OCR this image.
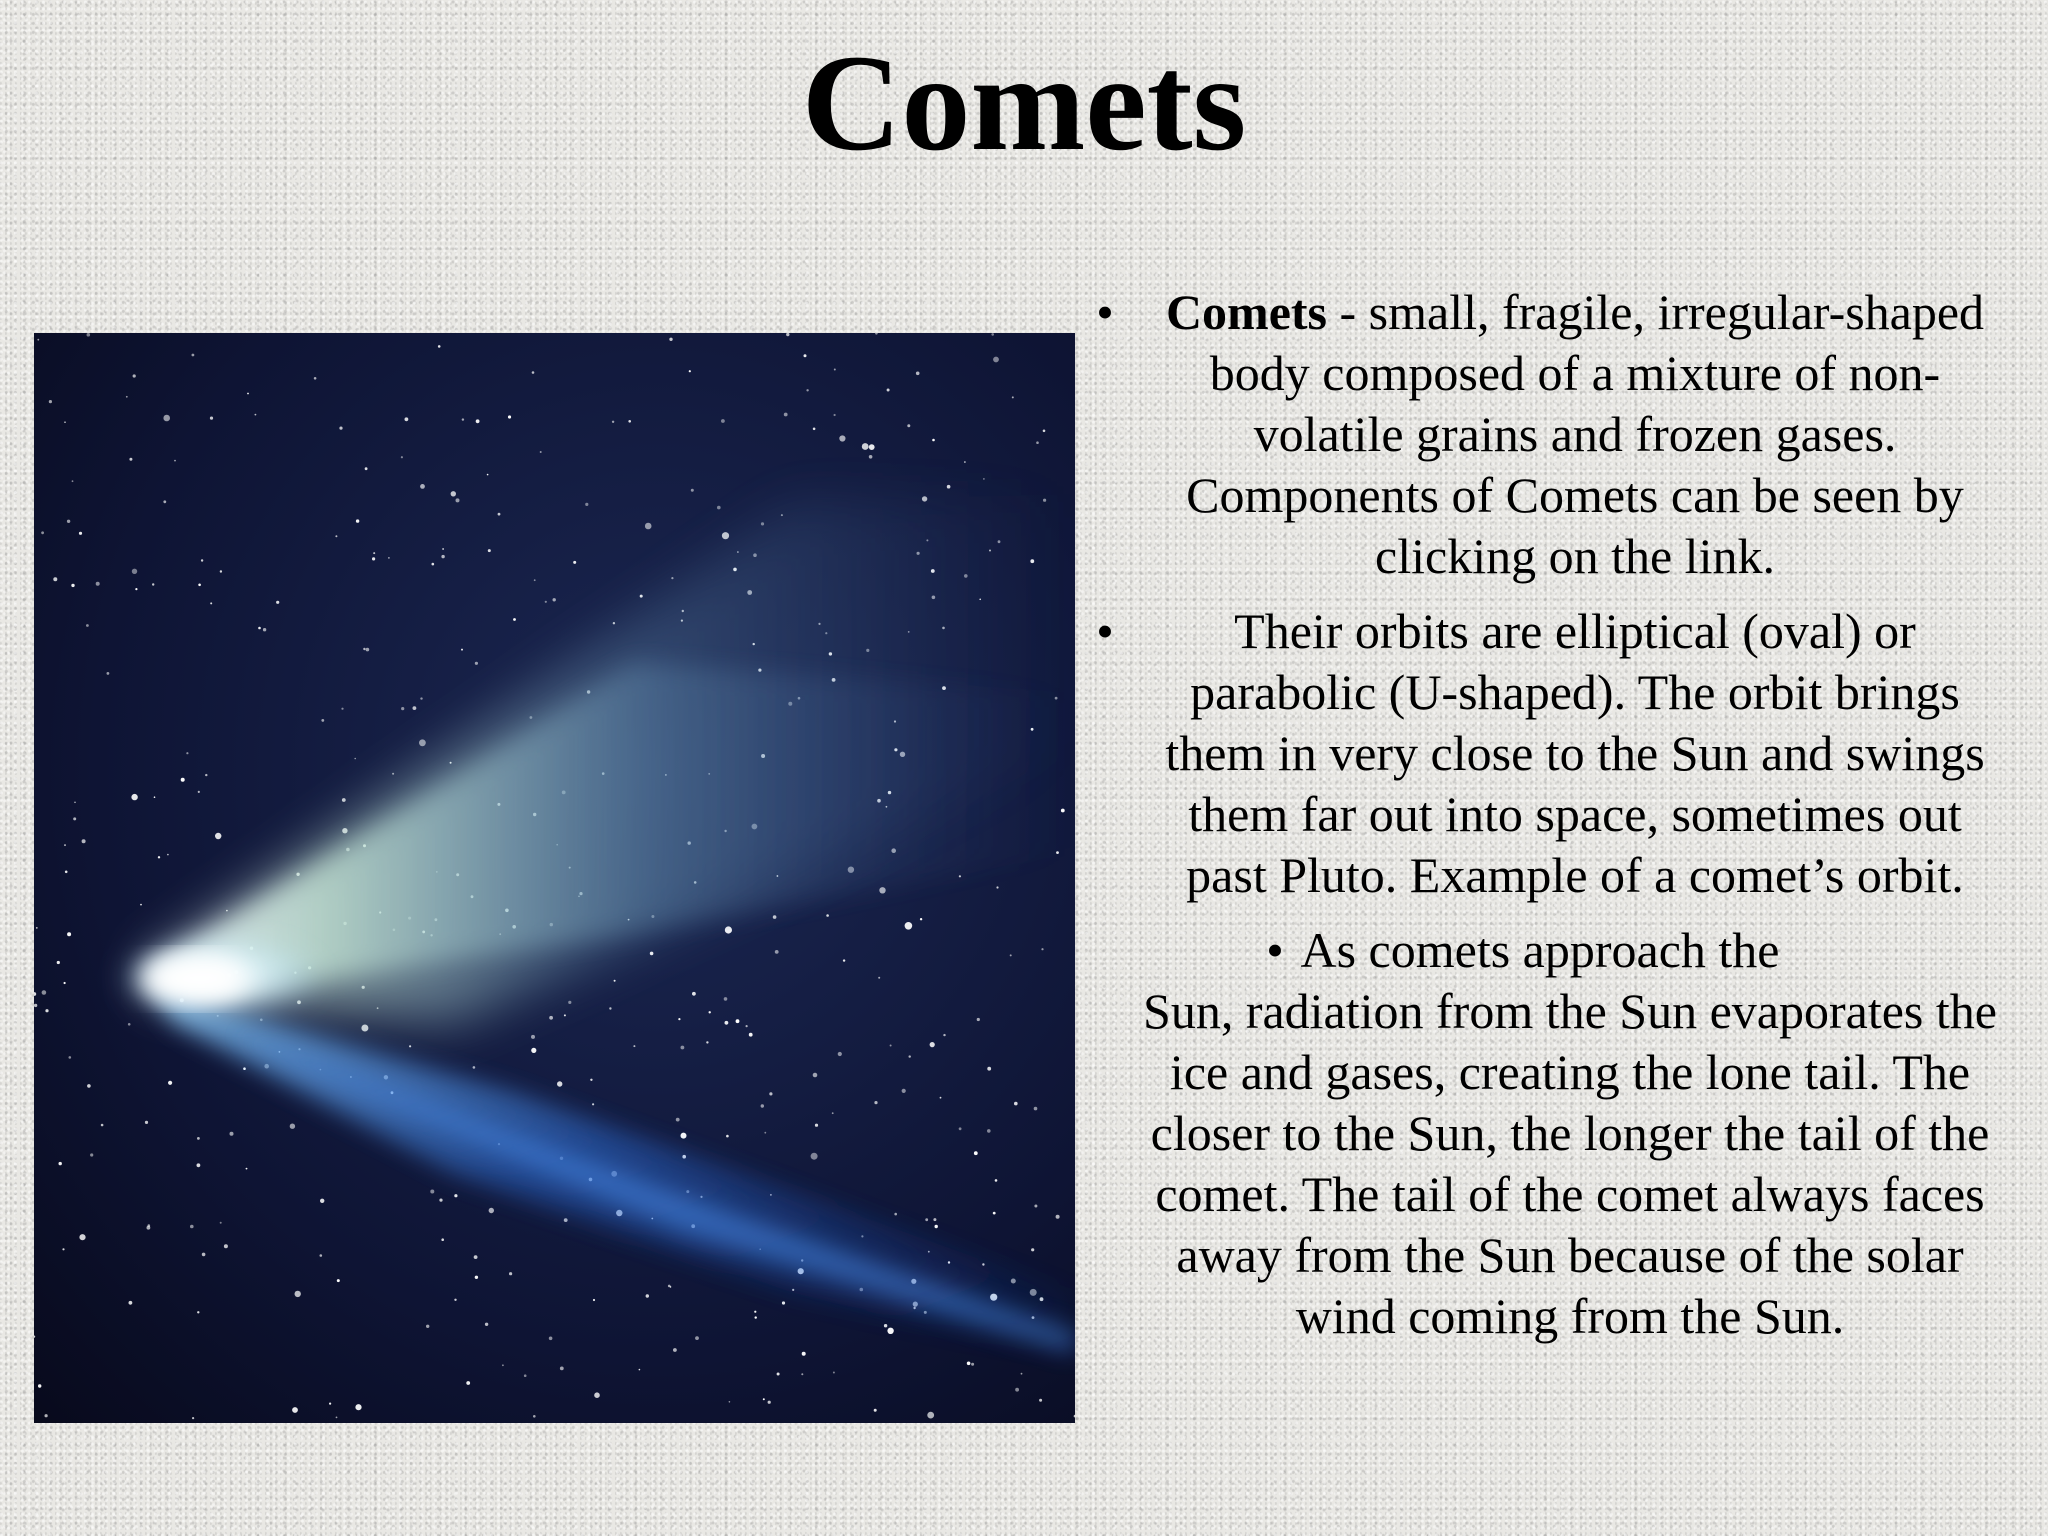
Comets
• Comets - small, fragile, irregular-shaped body composed of a mixture of non-volatile grains and frozen gases. Components of Comets can be seen by clicking on the link.
• Their orbits are elliptical (oval) or parabolic (U-shaped). The orbit brings them in very close to the Sun and swings them far out into space, sometimes out past Pluto. Example of a comet’s orbit.
• As comets approach the
Sun, radiation from the Sun evaporates the ice and gases, creating the lone tail. The closer to the Sun, the longer the tail of the comet. The tail of the comet always faces away from the Sun because of the solar wind coming from the Sun.
